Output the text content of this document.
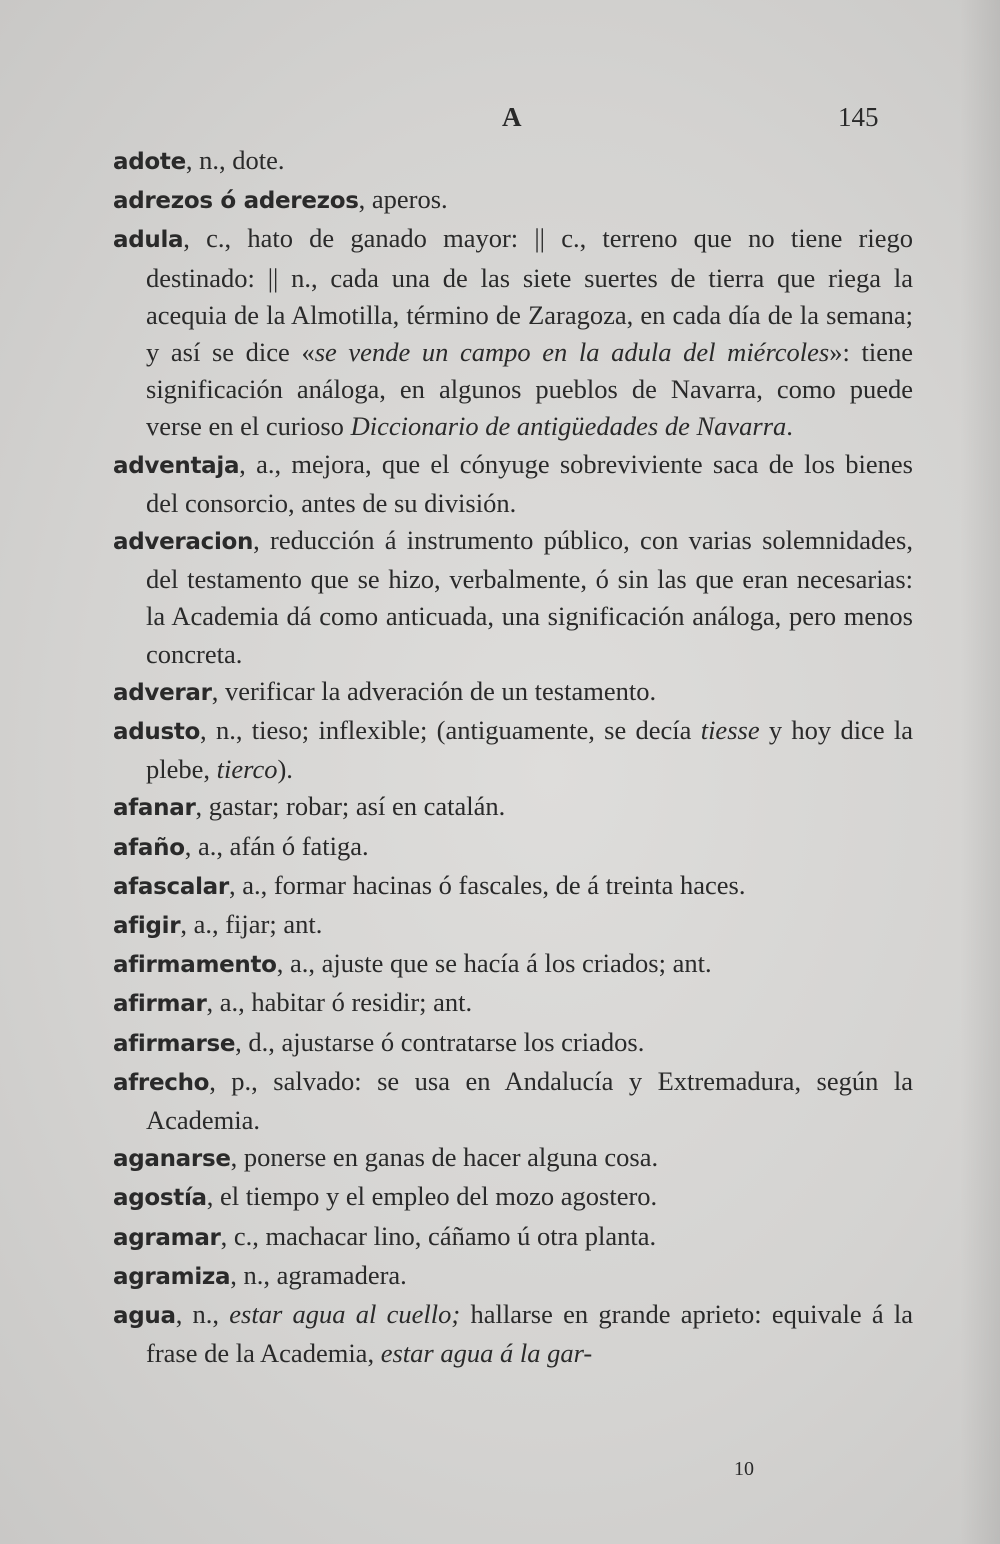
A	145

adote, n., dote.

adrezos ó aderezos, aperos.

adula, c., hato de ganado mayor: || c., terreno que no tiene riego destinado: || n., cada una de las siete suertes de tierra que riega la acequia de la Almotilla, término de Zaragoza, en cada día de la semana; y así se dice «se vende un campo en la adula del miércoles»: tiene significación análoga, en algunos pueblos de Navarra, como puede verse en el curioso Diccionario de antigüedades de Navarra.

adventaja, a., mejora, que el cónyuge sobreviviente saca de los bienes del consorcio, antes de su división.

adveracion, reducción á instrumento público, con varias solemnidades, del testamento que se hizo, verbalmente, ó sin las que eran necesarias: la Academia dá como anticuada, una significación análoga, pero menos concreta.

adverar, verificar la adveración de un testamento.

adusto, n., tieso; inflexible; (antiguamente, se decía tiesse y hoy dice la plebe, tierco).

afanar, gastar; robar; así en catalán.

afaño, a., afán ó fatiga.

afascalar, a., formar hacinas ó fascales, de á treinta haces.

afigir, a., fijar; ant.

afirmamento, a., ajuste que se hacía á los criados; ant.

afirmar, a., habitar ó residir; ant.

afirmarse, d., ajustarse ó contratarse los criados.

afrecho, p., salvado: se usa en Andalucía y Extremadura, según la Academia.

aganarse, ponerse en ganas de hacer alguna cosa.

agostía, el tiempo y el empleo del mozo agostero.

agramar, c., machacar lino, cáñamo ú otra planta.

agramiza, n., agramadera.

agua, n., estar agua al cuello; hallarse en grande aprieto: equivale á la frase de la Academia, estar agua á la gar-

10
